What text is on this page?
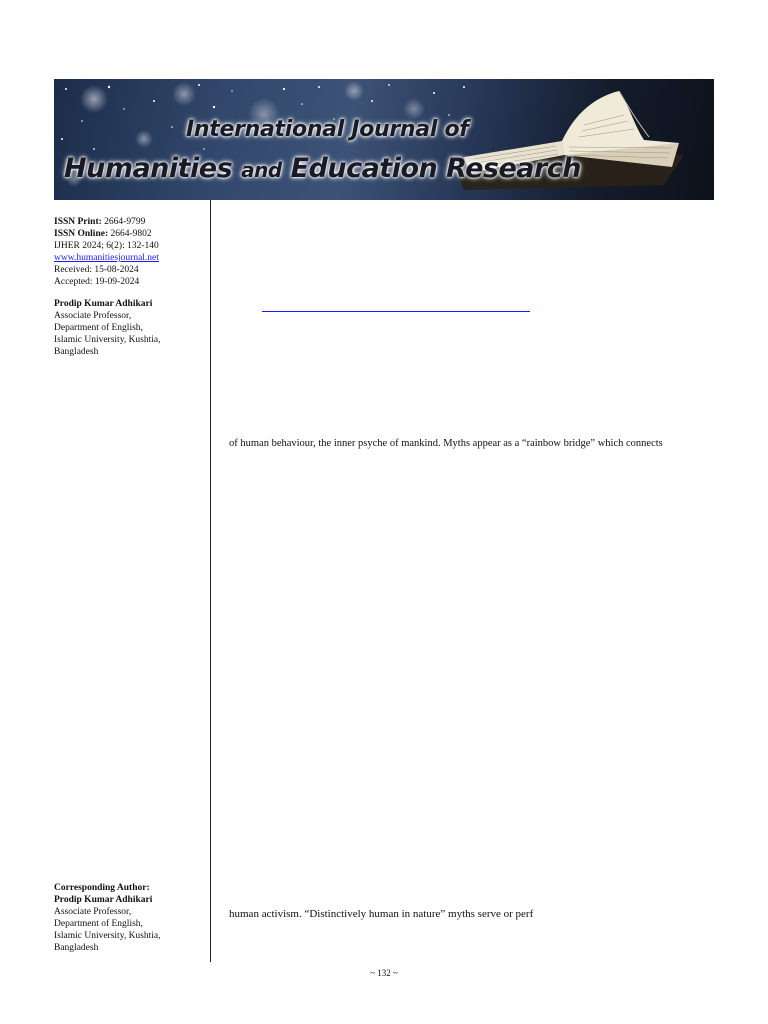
International Journal of
Humanities and Education Research
ISSN Print: 2664-9799
ISSN Online: 2664-9802
IJHER 2024; 6(2): 132-140
www.humanitiesjournal.net
Received: 15-08-2024
Accepted: 19-09-2024
Prodip Kumar Adhikari
Associate Professor,
Department of English,
Islamic University, Kushtia,
Bangladesh
Corresponding Author:
Prodip Kumar Adhikari
Associate Professor,
Department of English,
Islamic University, Kushtia,
Bangladesh
of human behaviour, the inner psyche of mankind. Myths appear as a “rainbow bridge” which connects
human activism. “Distinctively human in nature” myths serve or perf
~ 132 ~
